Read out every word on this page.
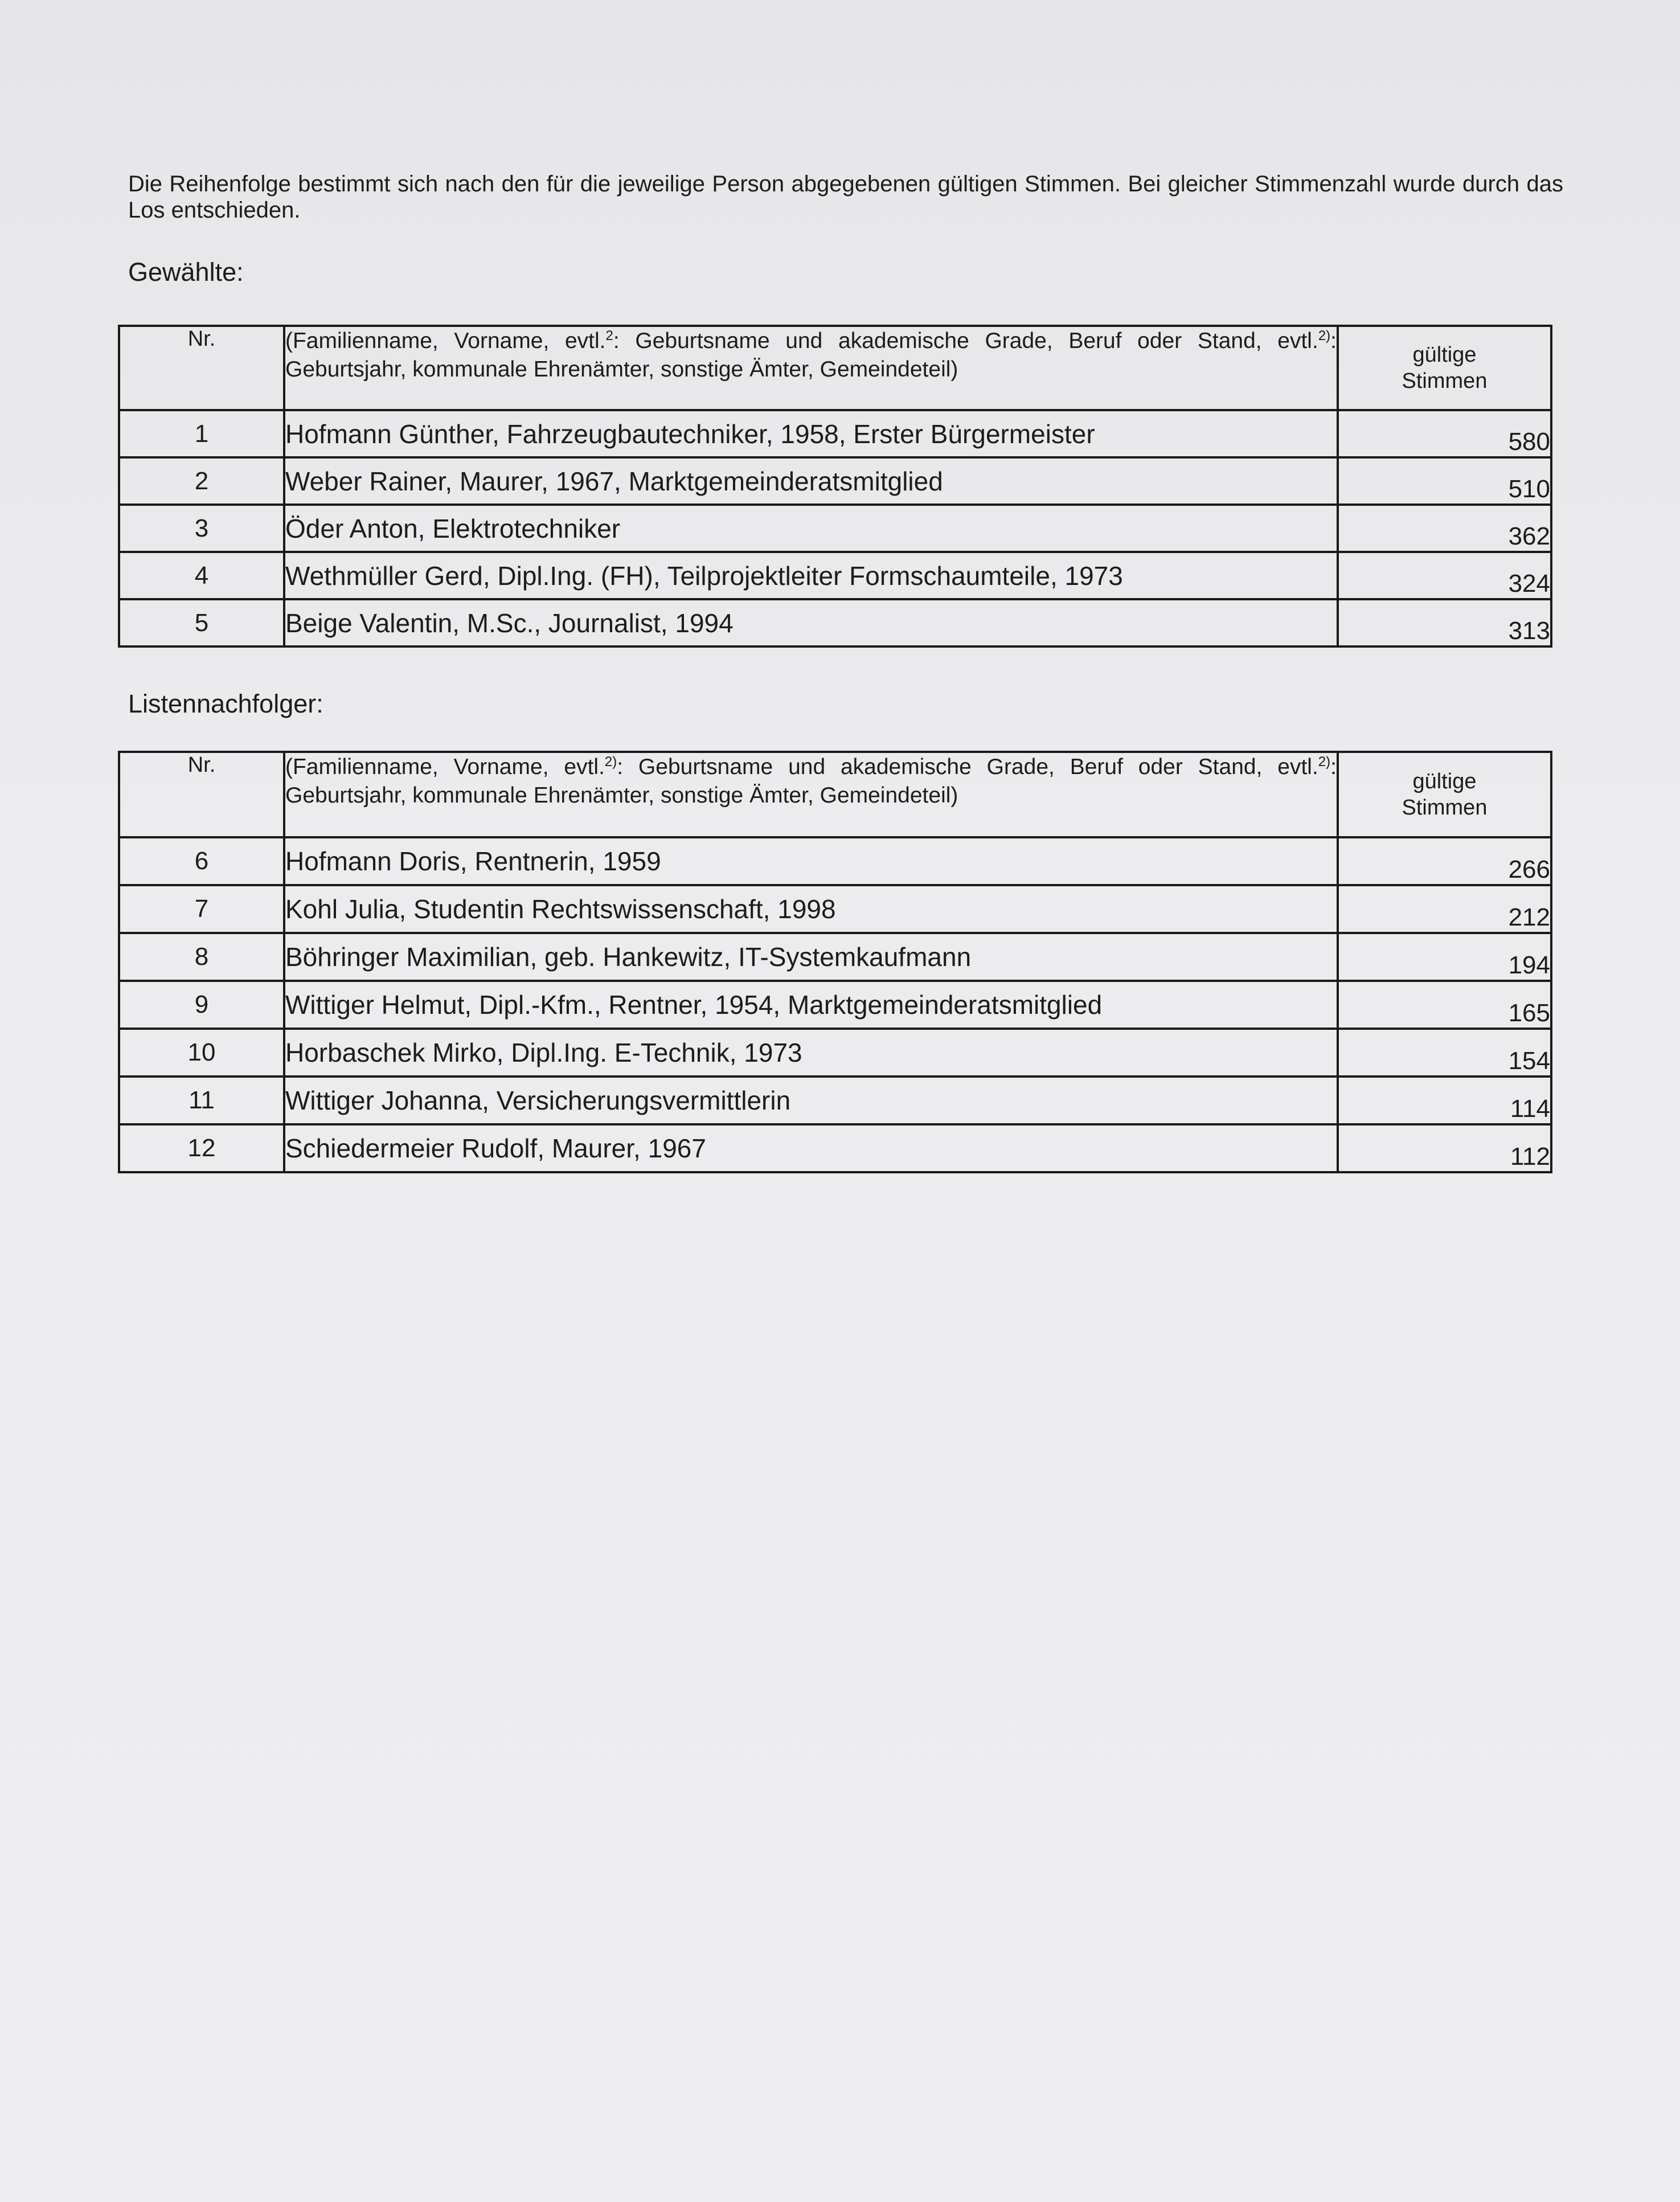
Die Reihenfolge bestimmt sich nach den für die jeweilige Person abgegebenen gültigen Stimmen. Bei gleicher Stimmenzahl wurde durch das Los entschieden.

Gewählte:
Nr.	(Familienname, Vorname, evtl.$^2$: Geburtsname und akademische Grade, Beruf oder Stand, evtl.$^{2)}$: Geburtsjahr, kommunale Ehrenämter, sonstige Ämter, Gemeindeteil)	gültige
Stimmen

1	Hofmann Günther, Fahrzeugbautechniker, 1958, Erster Bürgermeister	580
2	Weber Rainer, Maurer, 1967, Marktgemeinderatsmitglied	510
3	Öder Anton, Elektrotechniker	362
4	Wethmüller Gerd, Dipl.Ing. (FH), Teilprojektleiter Formschaumteile, 1973	324
5	Beige Valentin, M.Sc., Journalist, 1994	313
Listennachfolger:
Nr.	(Familienname, Vorname, evtl.$^{2)}$: Geburtsname und akademische Grade, Beruf oder Stand, evtl.$^{2)}$: Geburtsjahr, kommunale Ehrenämter, sonstige Ämter, Gemeindeteil)	gültige
Stimmen

6	Hofmann Doris, Rentnerin, 1959	266
7	Kohl Julia, Studentin Rechtswissenschaft, 1998	212
8	Böhringer Maximilian, geb. Hankewitz, IT-Systemkaufmann	194
9	Wittiger Helmut, Dipl.-Kfm., Rentner, 1954, Marktgemeinderatsmitglied	165
10	Horbaschek Mirko, Dipl.Ing. E-Technik, 1973	154
11	Wittiger Johanna, Versicherungsvermittlerin	114
12	Schiedermeier Rudolf, Maurer, 1967	112
